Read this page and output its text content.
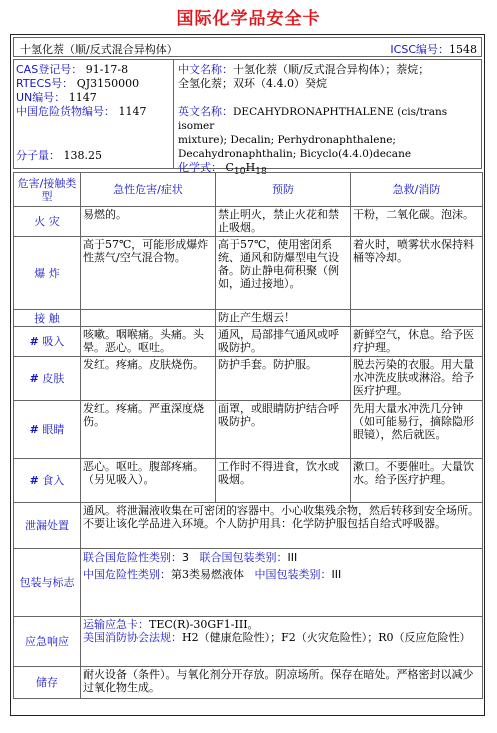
国际化学品安全卡
十氢化萘（顺/反式混合异构体）	ICSC编号：1548
CAS登记号： 91-17-8
RTECS号： QJ3150000
UN编号： 1147
中国危险货物编号： 1147
分子量： 138.25
中文名称：十氢化萘（顺/反式混合异构体）；萘烷；
全氢化萘；双环（4.4.0）癸烷
英文名称：DECAHYDRONAPHTHALENE (cis/trans isomer
mixture); Decalin; Perhydronaphthalene;
Decahydronaphthalin; Bicyclo(4.4.0)decane
化学式： $C_{10}H_{18}$
危害/接触类型	急性危害/症状	预防	急救/消防
火 灾	易燃的。	禁止明火，禁止火花和禁止吸烟。	干粉，二氧化碳。泡沫。
爆 炸	高于57℃，可能形成爆炸性蒸气/空气混合物。	高于57℃，使用密闭系统、通风和防爆型电气设备。防止静电荷积聚（例如，通过接地）。	着火时，喷雾状水保持料桶等冷却。
接 触		防止产生烟云！	
# 吸入	咳嗽。咽喉痛。头痛。头晕。恶心。呕吐。	通风，局部排气通风或呼吸防护。	新鲜空气，休息。给予医疗护理。
# 皮肤	发红。疼痛。皮肤烧伤。	防护手套。防护服。	脱去污染的衣服。用大量水冲洗皮肤或淋浴。给予医疗护理。
# 眼睛	发红。疼痛。严重深度烧伤。	面罩，或眼睛防护结合呼吸防护。	先用大量水冲洗几分钟（如可能易行，摘除隐形眼镜），然后就医。
# 食入	恶心。呕吐。腹部疼痛。（另见吸入）。	工作时不得进食，饮水或吸烟。	漱口。不要催吐。大量饮水。给予医疗护理。
泄漏处置	通风。将泄漏液收集在可密闭的容器中。小心收集残余物，然后转移到安全场所。不要让该化学品进入环境。个人防护用具：化学防护服包括自给式呼吸器。		
包装与标志	联合国危险性类别：3 联合国包装类别：III
中国危险性类别：第3类易燃液体 中国包装类别：III		

应急响应	运输应急卡：TEC(R)-30GF1-III。
美国消防协会法规：H2（健康危险性）；F2（火灾危险性）；R0（反应危险性）		

储存	耐火设备（条件）。与氧化剂分开存放。阴凉场所。保存在暗处。严格密封以减少过氧化物生成。		
